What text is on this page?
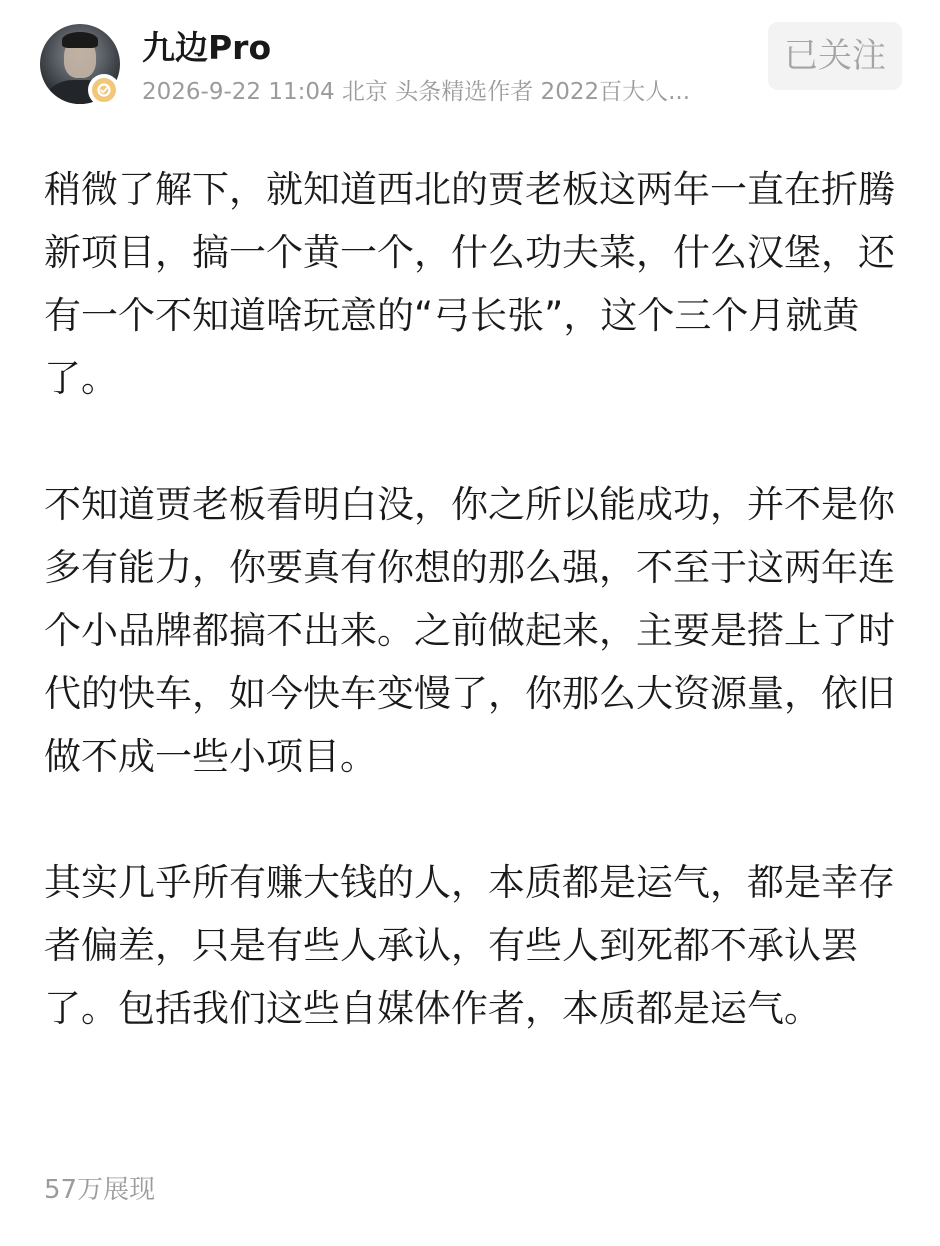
九边Pro
2026-9-22 11:04 北京 头条精选作者 2022百大人...
已关注

稍微了解下，就知道西北的贾老板这两年一直在折腾新项目，搞一个黄一个，什么功夫菜，什么汉堡，还有一个不知道啥玩意的“弓长张”，这个三个月就黄了。

不知道贾老板看明白没，你之所以能成功，并不是你多有能力，你要真有你想的那么强，不至于这两年连个小品牌都搞不出来。之前做起来，主要是搭上了时代的快车，如今快车变慢了，你那么大资源量，依旧做不成一些小项目。

其实几乎所有赚大钱的人，本质都是运气，都是幸存者偏差，只是有些人承认，有些人到死都不承认罢了。包括我们这些自媒体作者，本质都是运气。

57万展现
